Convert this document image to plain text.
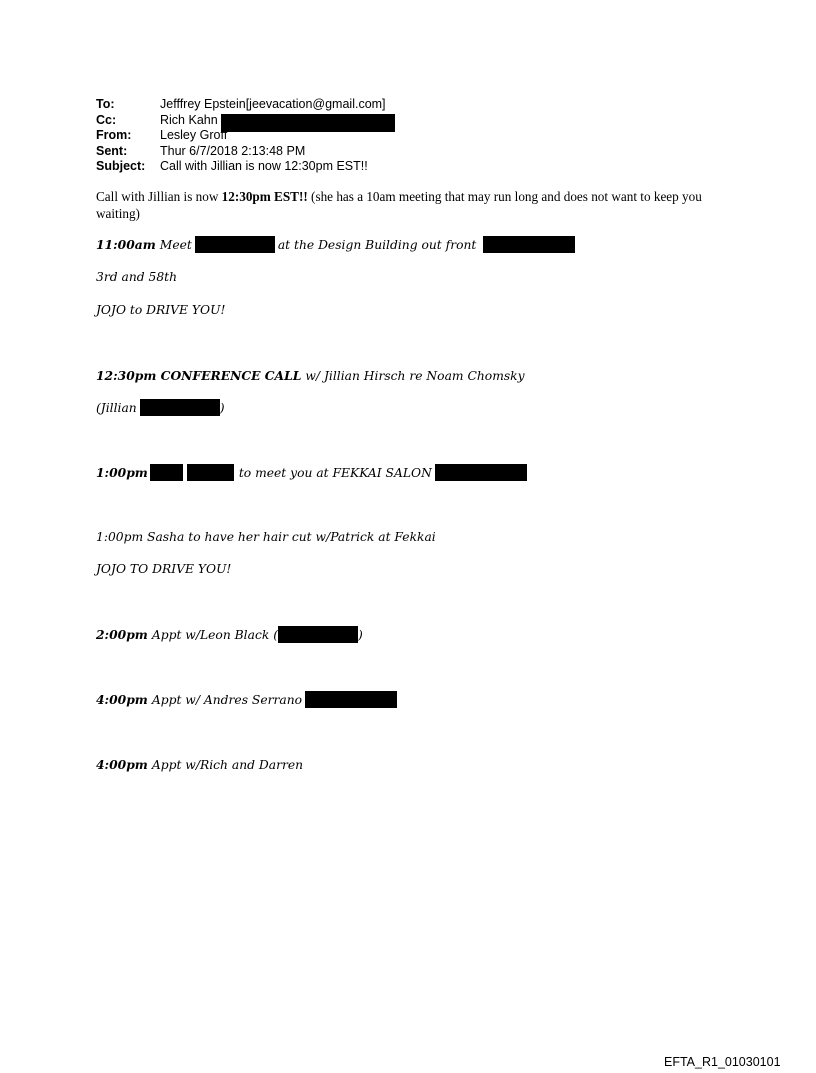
To:	Jefffrey Epstein[jeevacation@gmail.com]
Cc:	Rich Kahn
From:	Lesley Groff
Sent:	Thur 6/7/2018 2:13:48 PM
Subject:	Call with Jillian is now 12:30pm EST!!
Call with Jillian is now 12:30pm EST!! (she has a 10am meeting that may run long and does not want to keep you waiting)
11:00am Meet	at the Design Building out front
3rd and 58th
JOJO to DRIVE YOU!
12:30pm CONFERENCE CALL w/ Jillian Hirsch re Noam Chomsky
(Jillian	)
1:00pm	to meet you at FEKKAI SALON
1:00pm Sasha to have her hair cut w/Patrick at Fekkai
JOJO TO DRIVE YOU!
2:00pm Appt w/Leon Black (	)
4:00pm Appt w/ Andres Serrano
4:00pm Appt w/Rich and Darren
EFTA_R1_01030101
